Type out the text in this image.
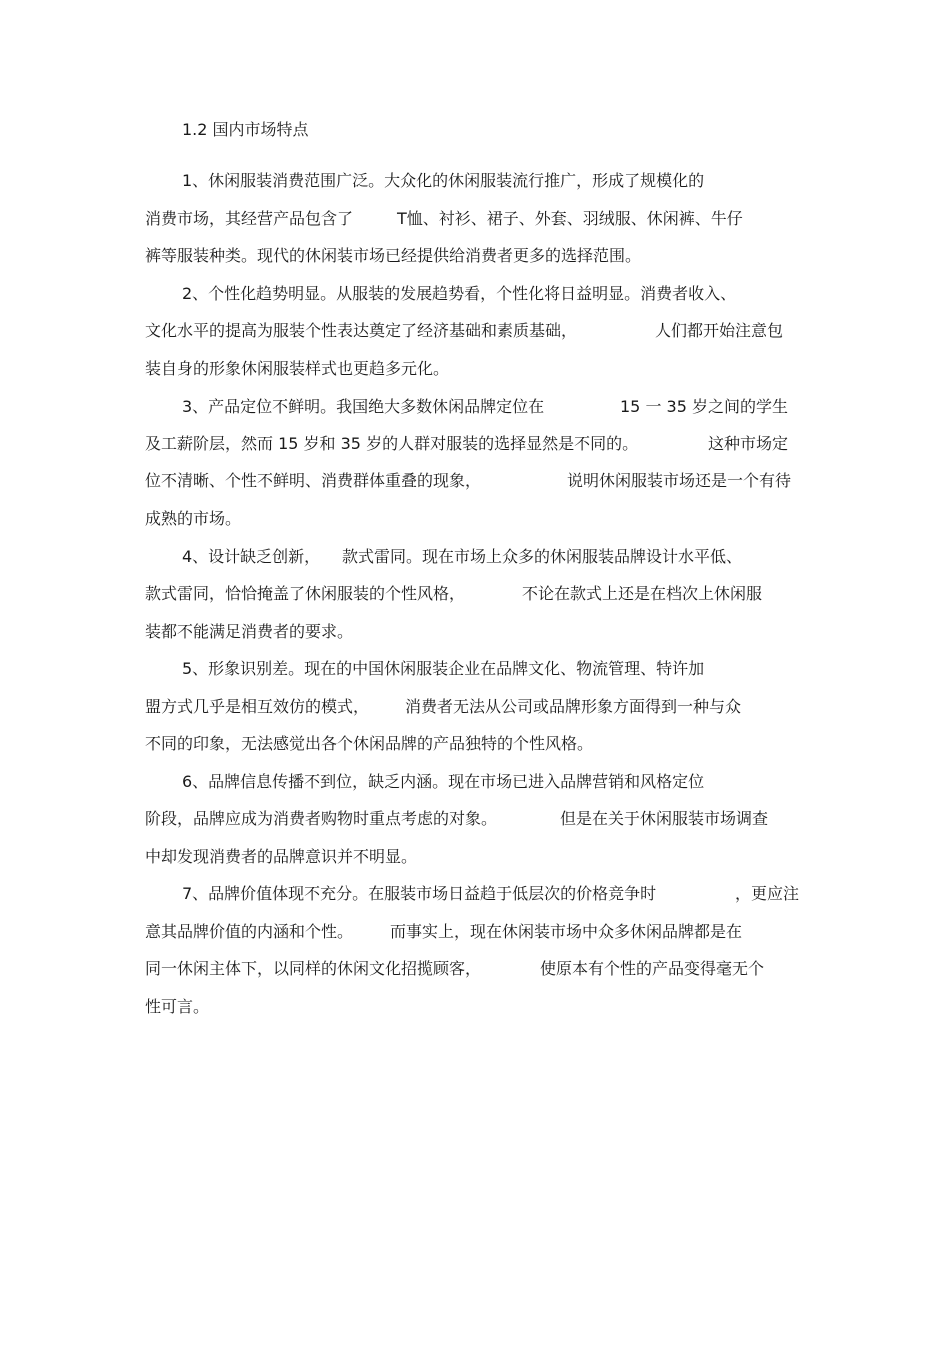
1.2 国内市场特点

1、休闲服装消费范围广泛。大众化的休闲服装流行推广，形成了规模化的

消费市场，其经营产品包含了

	T恤、衬衫、裙子、外套、羽绒服、休闲裤、牛仔

裤等服装种类。现代的休闲装市场已经提供给消费者更多的选择范围。

2、个性化趋势明显。从服装的发展趋势看，个性化将日益明显。消费者收入、

文化水平的提高为服装个性表达奠定了经济基础和素质基础，

	人们都开始注意包

装自身的形象休闲服装样式也更趋多元化。

3、产品定位不鲜明。我国绝大多数休闲品牌定位在

	15 一 35 岁之间的学生

及工薪阶层，然而 15 岁和 35 岁的人群对服装的选择显然是不同的。

	这种市场定

位不清晰、个性不鲜明、消费群体重叠的现象，

	说明休闲服装市场还是一个有待

成熟的市场。

4、设计缺乏创新，

款式雷同。现在市场上众多的休闲服装品牌设计水平低、

款式雷同，恰恰掩盖了休闲服装的个性风格，

	不论在款式上还是在档次上休闲服

装都不能满足消费者的要求。

5、形象识别差。现在的中国休闲服装企业在品牌文化、物流管理、特许加

盟方式几乎是相互效仿的模式，

消费者无法从公司或品牌形象方面得到一种与众

不同的印象，无法感觉出各个休闲品牌的产品独特的个性风格。

6、品牌信息传播不到位，缺乏内涵。现在市场已进入品牌营销和风格定位

阶段，品牌应成为消费者购物时重点考虑的对象。

	但是在关于休闲服装市场调查

中却发现消费者的品牌意识并不明显。

7、品牌价值体现不充分。在服装市场日益趋于低层次的价格竞争时

	，更应注

意其品牌价值的内涵和个性。

而事实上，现在休闲装市场中众多休闲品牌都是在

同一休闲主体下，以同样的休闲文化招揽顾客，

	使原本有个性的产品变得毫无个

性可言。
